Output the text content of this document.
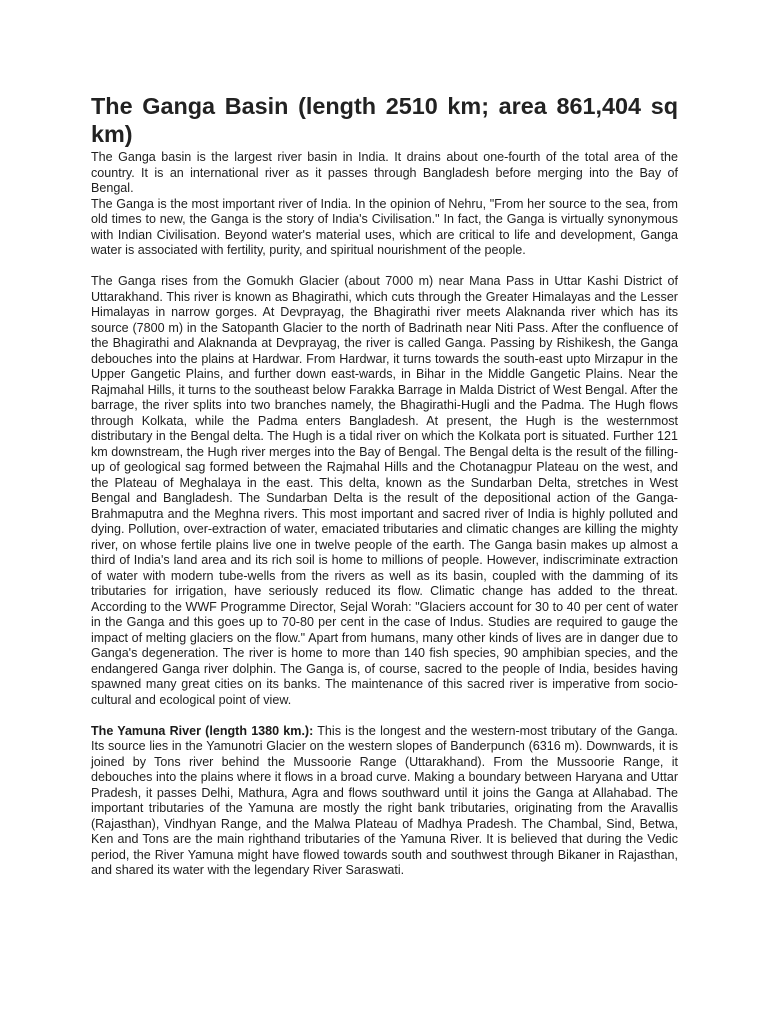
The Ganga Basin (length 2510 km; area 861,404 sq km)

The Ganga basin is the largest river basin in India. It drains about one-fourth of the total area of the country. It is an international river as it passes through Bangladesh before merging into the Bay of Bengal.

The Ganga is the most important river of India. In the opinion of Nehru, "From her source to the sea, from old times to new, the Ganga is the story of India's Civilisation." In fact, the Ganga is virtually synonymous with Indian Civilisation. Beyond water's material uses, which are critical to life and development, Ganga water is associated with fertility, purity, and spiritual nourishment of the people.

The Ganga rises from the Gomukh Glacier (about 7000 m) near Mana Pass in Uttar Kashi District of Uttarakhand. This river is known as Bhagirathi, which cuts through the Greater Himalayas and the Lesser Himalayas in narrow gorges. At Devprayag, the Bhagirathi river meets Alaknanda river which has its source (7800 m) in the Satopanth Glacier to the north of Badrinath near Niti Pass. After the confluence of the Bhagirathi and Alaknanda at Devprayag, the river is called Ganga. Passing by Rishikesh, the Ganga debouches into the plains at Hardwar. From Hardwar, it turns towards the south-east upto Mirzapur in the Upper Gangetic Plains, and further down east-wards, in Bihar in the Middle Gangetic Plains. Near the Rajmahal Hills, it turns to the southeast below Farakka Barrage in Malda District of West Bengal. After the barrage, the river splits into two branches namely, the Bhagirathi-Hugli and the Padma. The Hugh flows through Kolkata, while the Padma enters Bangladesh. At present, the Hugh is the westernmost distributary in the Bengal delta. The Hugh is a tidal river on which the Kolkata port is situated. Further 121 km downstream, the Hugh river merges into the Bay of Bengal. The Bengal delta is the result of the filling-up of geological sag formed between the Rajmahal Hills and the Chotanagpur Plateau on the west, and the Plateau of Meghalaya in the east. This delta, known as the Sundarban Delta, stretches in West Bengal and Bangladesh. The Sundarban Delta is the result of the depositional action of the Ganga-Brahmaputra and the Meghna rivers. This most important and sacred river of India is highly polluted and dying. Pollution, over-extraction of water, emaciated tributaries and climatic changes are killing the mighty river, on whose fertile plains live one in twelve people of the earth. The Ganga basin makes up almost a third of India's land area and its rich soil is home to millions of people. However, indiscriminate extraction of water with modern tube-wells from the rivers as well as its basin, coupled with the damming of its tributaries for irrigation, have seriously reduced its flow. Climatic change has added to the threat. According to the WWF Programme Director, Sejal Worah: "Glaciers account for 30 to 40 per cent of water in the Ganga and this goes up to 70-80 per cent in the case of Indus. Studies are required to gauge the impact of melting glaciers on the flow." Apart from humans, many other kinds of lives are in danger due to Ganga's degeneration. The river is home to more than 140 fish species, 90 amphibian species, and the endangered Ganga river dolphin. The Ganga is, of course, sacred to the people of India, besides having spawned many great cities on its banks. The maintenance of this sacred river is imperative from socio-cultural and ecological point of view.

The Yamuna River (length 1380 km.): This is the longest and the western-most tributary of the Ganga. Its source lies in the Yamunotri Glacier on the western slopes of Banderpunch (6316 m). Downwards, it is joined by Tons river behind the Mussoorie Range (Uttarakhand). From the Mussoorie Range, it debouches into the plains where it flows in a broad curve. Making a boundary between Haryana and Uttar Pradesh, it passes Delhi, Mathura, Agra and flows southward until it joins the Ganga at Allahabad. The important tributaries of the Yamuna are mostly the right bank tributaries, originating from the Aravallis (Rajasthan), Vindhyan Range, and the Malwa Plateau of Madhya Pradesh. The Chambal, Sind, Betwa, Ken and Tons are the main righthand tributaries of the Yamuna River. It is believed that during the Vedic period, the River Yamuna might have flowed towards south and southwest through Bikaner in Rajasthan, and shared its water with the legendary River Saraswati.
